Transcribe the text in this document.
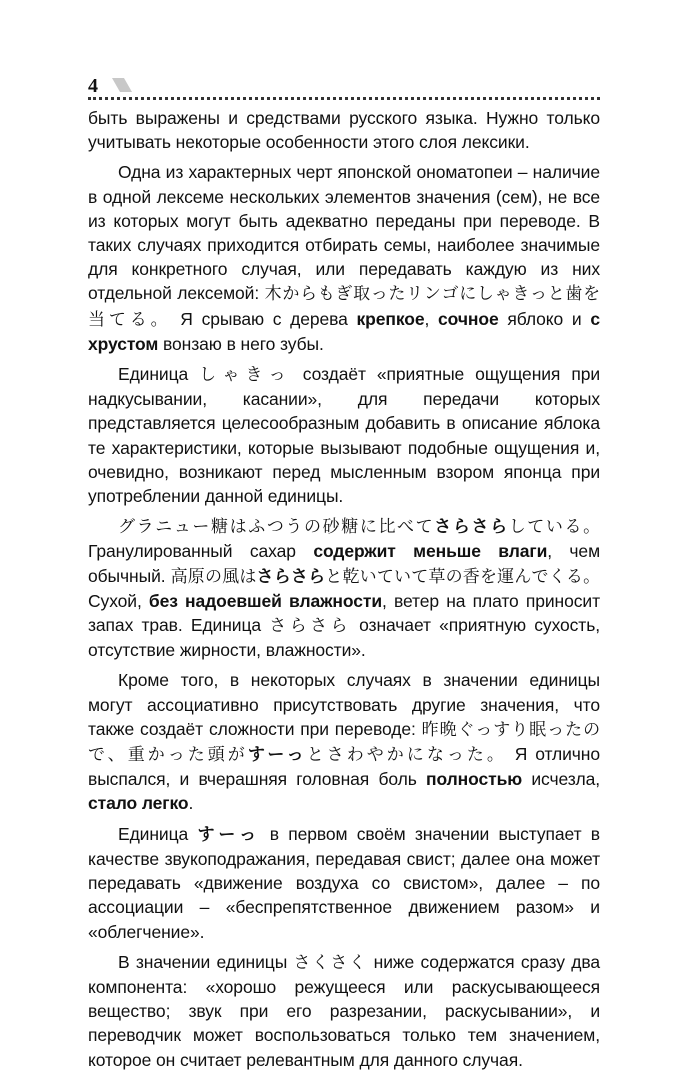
4

быть выражены и средствами русского языка. Нужно только учитывать некоторые особенности этого слоя лексики.

Одна из характерных черт японской ономатопеи – наличие в одной лексеме нескольких элементов значения (сем), не все из которых могут быть адекватно переданы при переводе. В таких случаях приходится отбирать семы, наиболее значимые для конкретного случая, или передавать каждую из них отдельной лексемой: 木からもぎ取ったリンゴにしゃきっと歯を当てる。 Я срываю с дерева крепкое, сочное яблоко и с хрустом вонзаю в него зубы.

Единица しゃきっ создаёт «приятные ощущения при надкусывании, касании», для передачи которых представляется целесообразным добавить в описание яблока те характеристики, которые вызывают подобные ощущения и, очевидно, возникают перед мысленным взором японца при употреблении данной единицы.

グラニュー糖はふつうの砂糖に比べてさらさらしている。 Гранулированный сахар содержит меньше влаги, чем обычный. 高原の風はさらさらと乾いていて草の香を運んでくる。 Сухой, без надоевшей влажности, ветер на плато приносит запах трав. Единица さらさら означает «приятную сухость, отсутствие жирности, влажности».

Кроме того, в некоторых случаях в значении единицы могут ассоциативно присутствовать другие значения, что также создаёт сложности при переводе: 昨晩ぐっすり眠ったので、重かった頭がすーっとさわやかになった。 Я отлично выспался, и вчерашняя головная боль полностью исчезла, стало легко.

Единица すーっ в первом своём значении выступает в качестве звукоподражания, передавая свист; далее она может передавать «движение воздуха со свистом», далее – по ассоциации – «беспрепятственное движением разом» и «облегчение».

В значении единицы さくさく ниже содержатся сразу два компонента: «хорошо режущееся или раскусывающееся вещество; звук при его разрезании, раскусывании», и переводчик может воспользоваться только тем значением, которое он считает релевантным для данного случая.
